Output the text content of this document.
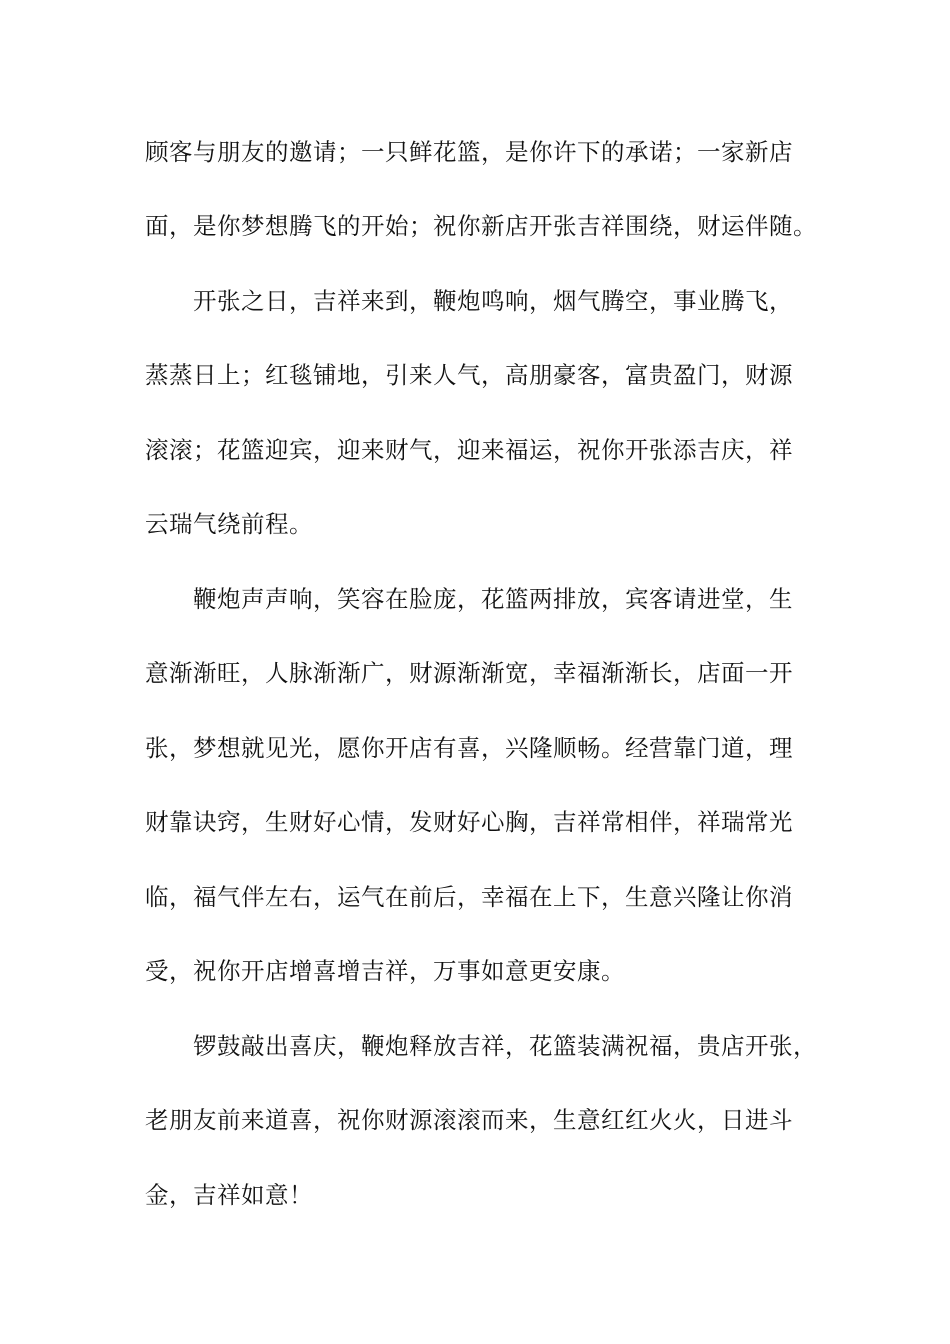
顾客与朋友的邀请；一只鲜花篮，是你许下的承诺；一家新店
面，是你梦想腾飞的开始；祝你新店开张吉祥围绕，财运伴随。
开张之日，吉祥来到，鞭炮鸣响，烟气腾空，事业腾飞，
蒸蒸日上；红毯铺地，引来人气，高朋豪客，富贵盈门，财源
滚滚；花篮迎宾，迎来财气，迎来福运，祝你开张添吉庆，祥
云瑞气绕前程。
鞭炮声声响，笑容在脸庞，花篮两排放，宾客请进堂，生
意渐渐旺，人脉渐渐广，财源渐渐宽，幸福渐渐长，店面一开
张，梦想就见光，愿你开店有喜，兴隆顺畅。经营靠门道，理
财靠诀窍，生财好心情，发财好心胸，吉祥常相伴，祥瑞常光
临，福气伴左右，运气在前后，幸福在上下，生意兴隆让你消
受，祝你开店增喜增吉祥，万事如意更安康。
锣鼓敲出喜庆，鞭炮释放吉祥，花篮装满祝福，贵店开张，
老朋友前来道喜，祝你财源滚滚而来，生意红红火火，日进斗
金，吉祥如意！
